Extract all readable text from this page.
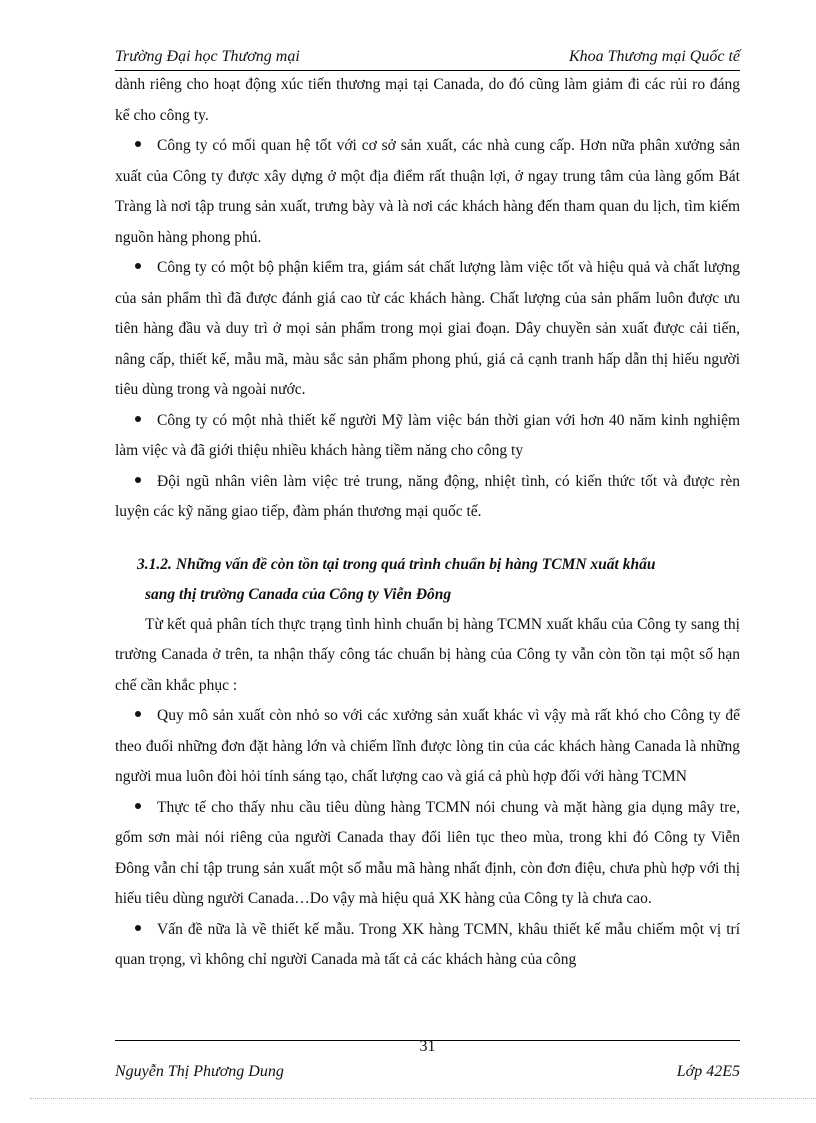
Trường Đại học Thương mại	Khoa Thương mại Quốc tế

dành riêng cho hoạt động xúc tiến thương mại tại Canada, do đó cũng làm giảm đi các rủi ro đáng kể cho công ty.

Công ty có mối quan hệ tốt với cơ sở sản xuất, các nhà cung cấp. Hơn nữa phân xưởng sản xuất của Công ty được xây dựng ở một địa điểm rất thuận lợi, ở ngay trung tâm của làng gốm Bát Tràng là nơi tập trung sản xuất, trưng bày và là nơi các khách hàng đến tham quan du lịch, tìm kiếm nguồn hàng phong phú.

Công ty có một bộ phận kiểm tra, giám sát chất lượng làm việc tốt và hiệu quả và chất lượng của sản phẩm thì đã được đánh giá cao từ các khách hàng. Chất lượng của sản phẩm luôn được ưu tiên hàng đầu và duy trì ở mọi sản phẩm trong mọi giai đoạn. Dây chuyền sản xuất được cải tiến, nâng cấp, thiết kế, mẫu mã, màu sắc sản phẩm phong phú, giá cả cạnh tranh hấp dẫn thị hiếu người tiêu dùng trong và ngoài nước.

Công ty có một nhà thiết kế người Mỹ làm việc bán thời gian với hơn 40 năm kinh nghiệm làm việc và đã giới thiệu nhiều khách hàng tiềm năng cho công ty

Đội ngũ nhân viên làm việc trẻ trung, năng động, nhiệt tình, có kiến thức tốt và được rèn luyện các kỹ năng giao tiếp, đàm phán thương mại quốc tế.

3.1.2. Những vấn đề còn tồn tại trong quá trình chuẩn bị hàng TCMN xuất khẩu
sang thị trường Canada của Công ty Viễn Đông

Từ kết quả phân tích thực trạng tình hình chuẩn bị hàng TCMN xuất khẩu của Công ty sang thị trường Canada ở trên, ta nhận thấy công tác chuẩn bị hàng của Công ty vẫn còn tồn tại một số hạn chế cần khắc phục :

Quy mô sản xuất còn nhỏ so với các xưởng sản xuất khác vì vậy mà rất khó cho Công ty để theo đuổi những đơn đặt hàng lớn và chiếm lĩnh được lòng tin của các khách hàng Canada là những người mua luôn đòi hỏi tính sáng tạo, chất lượng cao và giá cả phù hợp đối với hàng TCMN

Thực tế cho thấy nhu cầu tiêu dùng hàng TCMN nói chung và mặt hàng gia dụng mây tre, gốm sơn mài nói riêng của người Canada thay đổi liên tục theo mùa, trong khi đó Công ty Viễn Đông vẫn chỉ tập trung sản xuất một số mẫu mã hàng nhất định, còn đơn điệu, chưa phù hợp với thị hiếu tiêu dùng người Canada…Do vậy mà hiệu quả XK hàng của Công ty là chưa cao.

Vấn đề nữa là về thiết kế mẫu. Trong XK hàng TCMN, khâu thiết kế mẫu chiếm một vị trí quan trọng, vì không chỉ người Canada mà tất cả các khách hàng của công

31
Nguyễn Thị Phương Dung	Lớp 42E5
